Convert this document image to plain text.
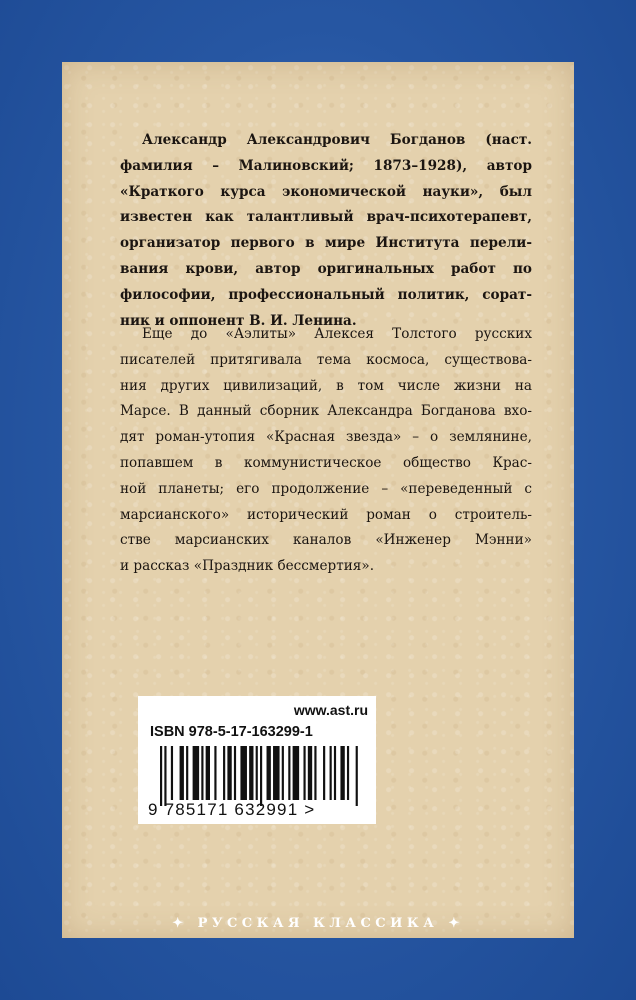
Александр Александрович Богданов (наст.
фамилия – Малиновский; 1873–1928), автор
«Краткого курса экономической науки», был
известен как талантливый врач-психотерапевт,
организатор первого в мире Института перели-
вания крови, автор оригинальных работ по
философии, профессиональный политик, сорат-
ник и оппонент В. И. Ленина.

Еще до «Аэлиты» Алексея Толстого русских
писателей притягивала тема космоса, существова-
ния других цивилизаций, в том числе жизни на
Марсе. В данный сборник Александра Богданова вхо-
дят роман-утопия «Красная звезда» – о землянине,
попавшем в коммунистическое общество Крас-
ной планеты; его продолжение – «переведенный с
марсианского» исторический роман о строитель-
стве марсианских каналов «Инженер Мэнни»
и рассказ «Праздник бессмертия».

www.ast.ru
ISBN 978-5-17-163299-1
9 785171 632991 >
✦ РУССКАЯ КЛАССИКА ✦
